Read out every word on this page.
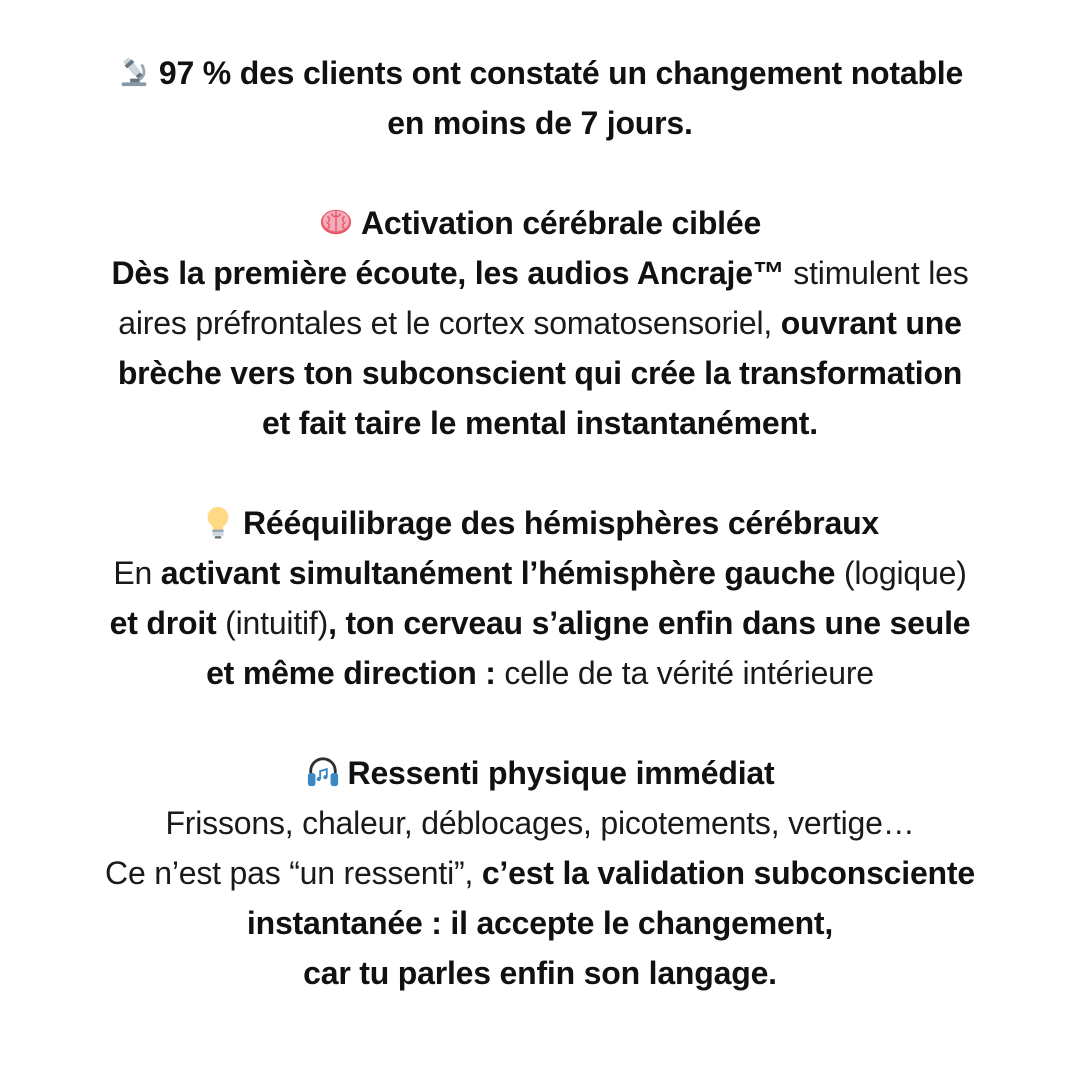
97 % des clients ont constaté un changement notable
en moins de 7 jours.
Activation cérébrale ciblée
Dès la première écoute, les audios Ancraje™ stimulent les
aires préfrontales et le cortex somatosensoriel, ouvrant une
brèche vers ton subconscient qui crée la transformation
et fait taire le mental instantanément.
Rééquilibrage des hémisphères cérébraux
En activant simultanément l’hémisphère gauche (logique)
et droit (intuitif), ton cerveau s’aligne enfin dans une seule
et même direction : celle de ta vérité intérieure
Ressenti physique immédiat
Frissons, chaleur, déblocages, picotements, vertige…
Ce n’est pas “un ressenti”, c’est la validation subconsciente
instantanée : il accepte le changement,
car tu parles enfin son langage.
